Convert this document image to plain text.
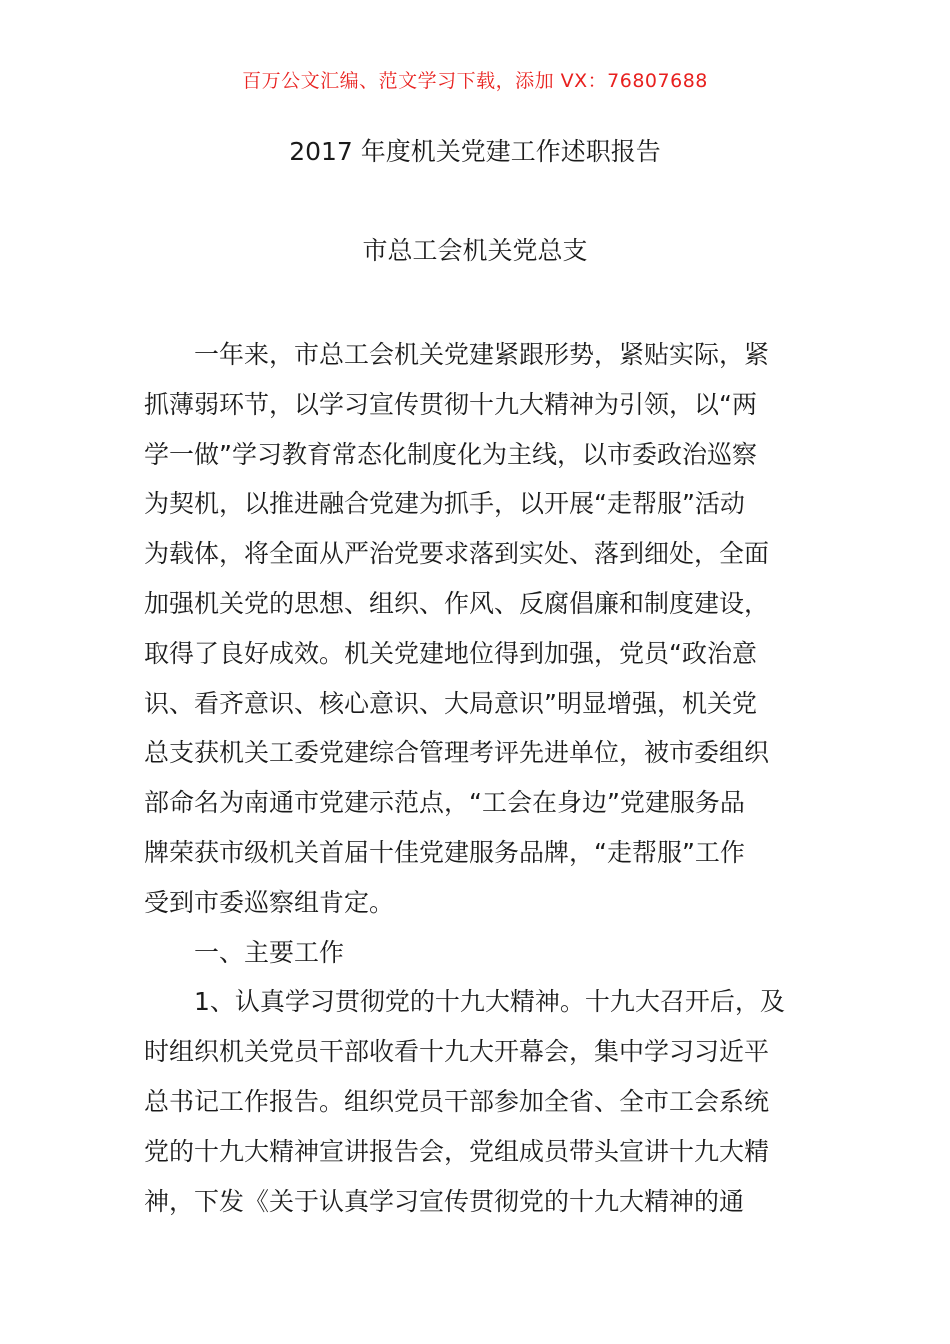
百万公文汇编、范文学习下载，添加 VX：76807688
2017 年度机关党建工作述职报告
市总工会机关党总支
一年来，市总工会机关党建紧跟形势，紧贴实际，紧
抓薄弱环节，以学习宣传贯彻十九大精神为引领，以“两
学一做”学习教育常态化制度化为主线，以市委政治巡察
为契机，以推进融合党建为抓手，以开展“走帮服”活动
为载体，将全面从严治党要求落到实处、落到细处，全面
加强机关党的思想、组织、作风、反腐倡廉和制度建设，
取得了良好成效。机关党建地位得到加强，党员“政治意
识、看齐意识、核心意识、大局意识”明显增强，机关党
总支获机关工委党建综合管理考评先进单位，被市委组织
部命名为南通市党建示范点，“工会在身边”党建服务品
牌荣获市级机关首届十佳党建服务品牌，“走帮服”工作
受到市委巡察组肯定。
一、主要工作
1、认真学习贯彻党的十九大精神。十九大召开后，及
时组织机关党员干部收看十九大开幕会，集中学习习近平
总书记工作报告。组织党员干部参加全省、全市工会系统
党的十九大精神宣讲报告会，党组成员带头宣讲十九大精
神，下发《关于认真学习宣传贯彻党的十九大精神的通
